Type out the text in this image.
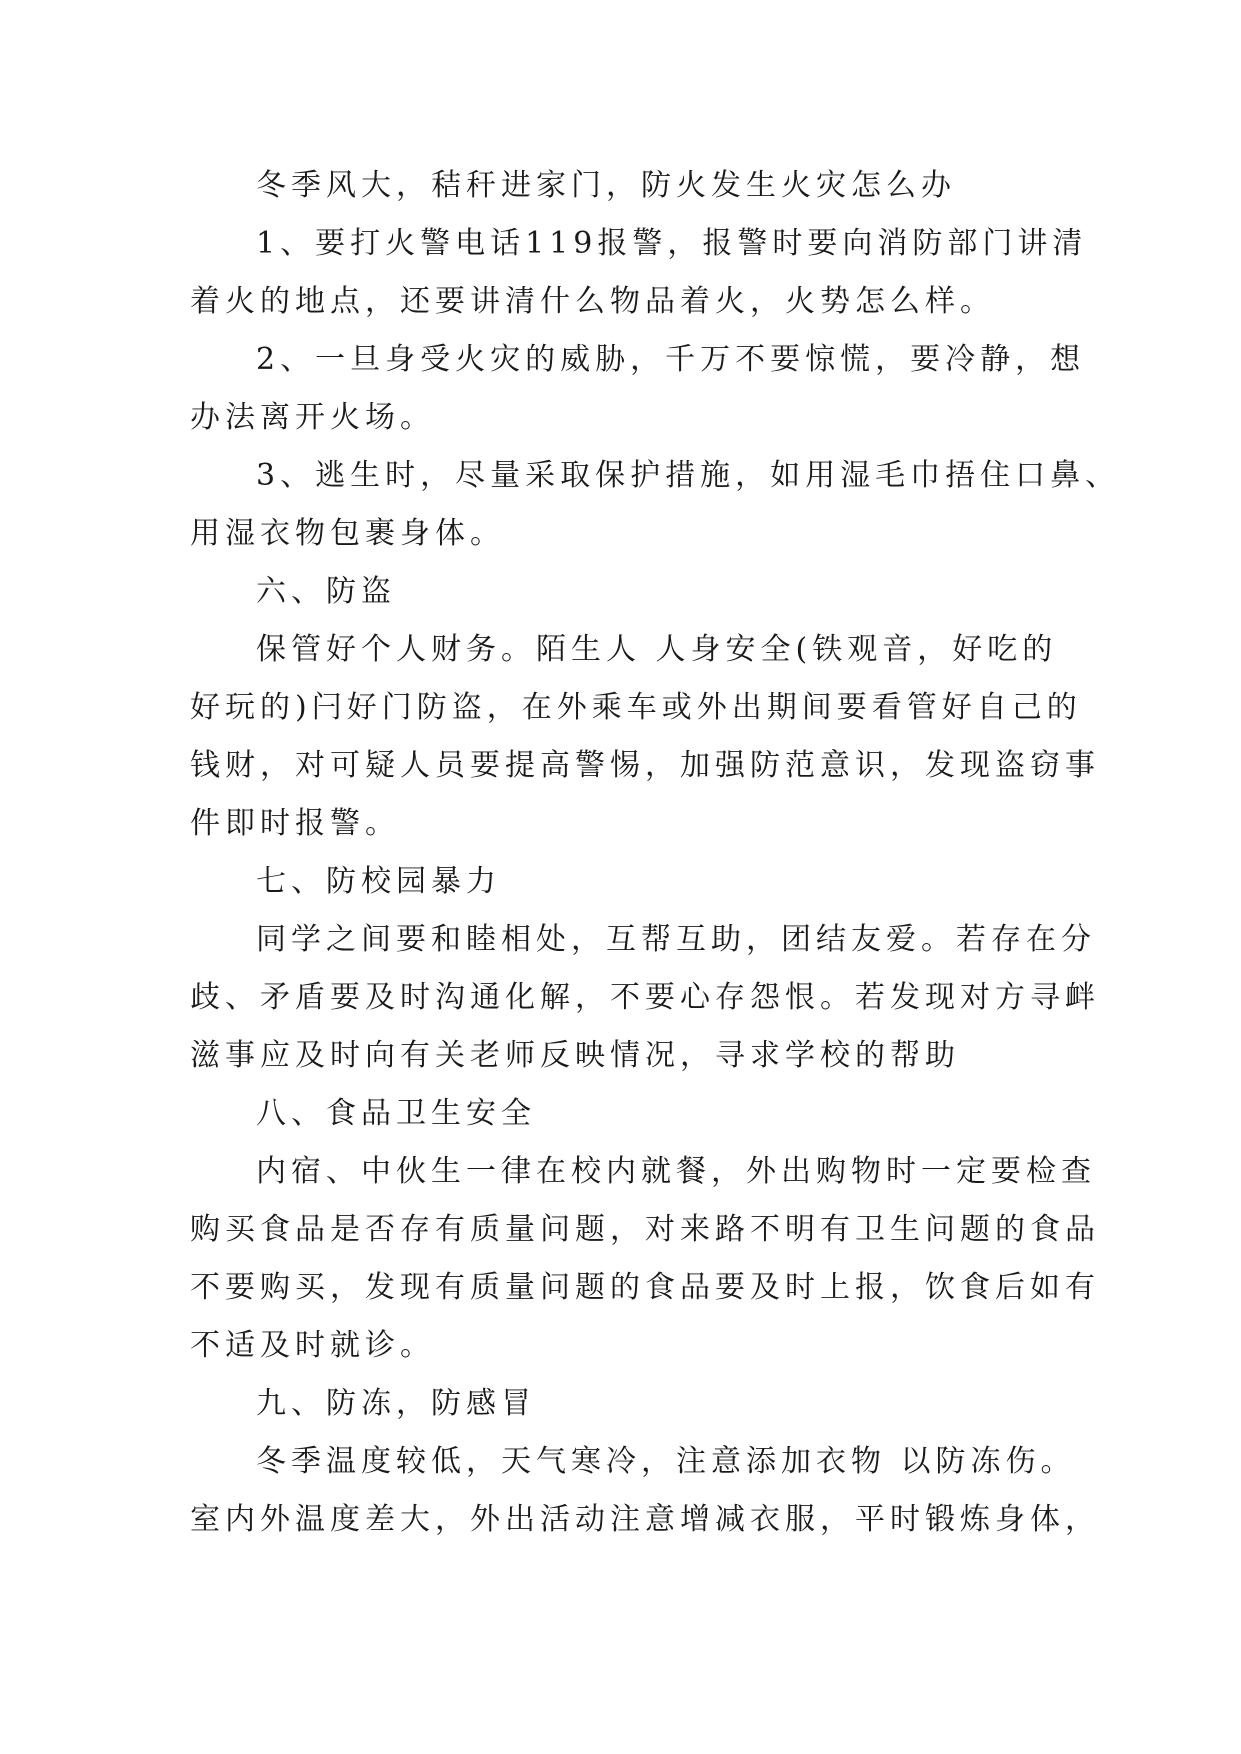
冬季风大，秸秆进家门，防火发生火灾怎么办
1、要打火警电话119报警，报警时要向消防部门讲清
着火的地点，还要讲清什么物品着火，火势怎么样。
2、一旦身受火灾的威胁，千万不要惊慌，要冷静，想
办法离开火场。
3、逃生时，尽量采取保护措施，如用湿毛巾捂住口鼻、
用湿衣物包裹身体。
六、防盗
保管好个人财务。陌生人 人身安全(铁观音，好吃的
好玩的)闩好门防盗，在外乘车或外出期间要看管好自己的
钱财，对可疑人员要提高警惕，加强防范意识，发现盗窃事
件即时报警。
七、防校园暴力
同学之间要和睦相处，互帮互助，团结友爱。若存在分
歧、矛盾要及时沟通化解，不要心存怨恨。若发现对方寻衅
滋事应及时向有关老师反映情况，寻求学校的帮助
八、食品卫生安全
内宿、中伙生一律在校内就餐，外出购物时一定要检查
购买食品是否存有质量问题，对来路不明有卫生问题的食品
不要购买，发现有质量问题的食品要及时上报，饮食后如有
不适及时就诊。
九、防冻，防感冒
冬季温度较低，天气寒冷，注意添加衣物 以防冻伤。
室内外温度差大，外出活动注意增减衣服，平时锻炼身体，
